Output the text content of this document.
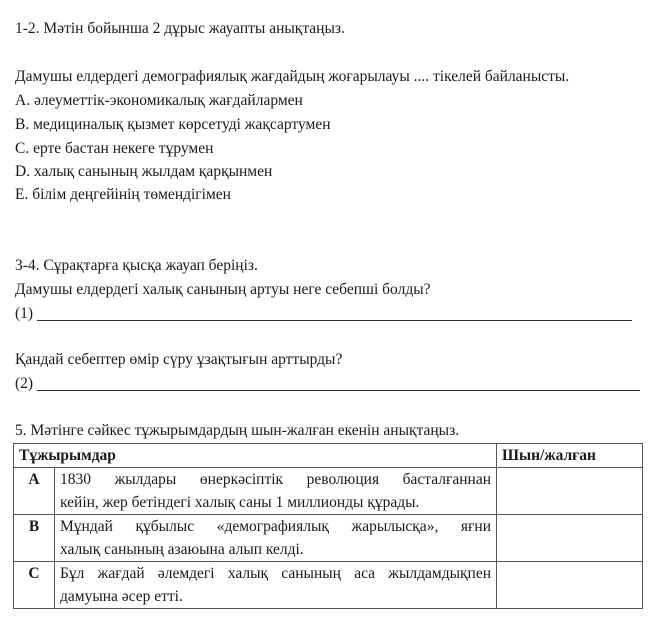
1-2. Мәтін бойынша 2 дұрыс жауапты анықтаңыз.
Дамушы елдердегі демографиялық жағдайдың жоғарылауы .... тікелей байланысты.
A. әлеуметтік-экономикалық жағдайлармен
B. медициналық қызмет көрсетуді жақсартумен
C. ерте бастан некеге тұрумен
D. халық санының жылдам қарқынмен
E. білім деңгейінің төмендігімен
3-4. Сұрақтарға қысқа жауап беріңіз.
Дамушы елдердегі халық санының артуы неге себепші болды?
(1)
Қандай себептер өмір сүру ұзақтығын арттырды?
(2)
5. Мәтінге сәйкес тұжырымдардың шын-жалған екенін анықтаңыз.
Тұжырымдар		Шын/жалған
A	1830 жылдары өнеркәсіптік революция басталғаннан
кейін, жер бетіндегі халық саны 1 миллионды құрады.	

B	Мұндай құбылыс «демографиялық жарылысқа», яғни
халық санының азаюына алып келді.	

C	Бұл жағдай әлемдегі халық санының аса жылдамдықпен
дамуына әсер етті.	
